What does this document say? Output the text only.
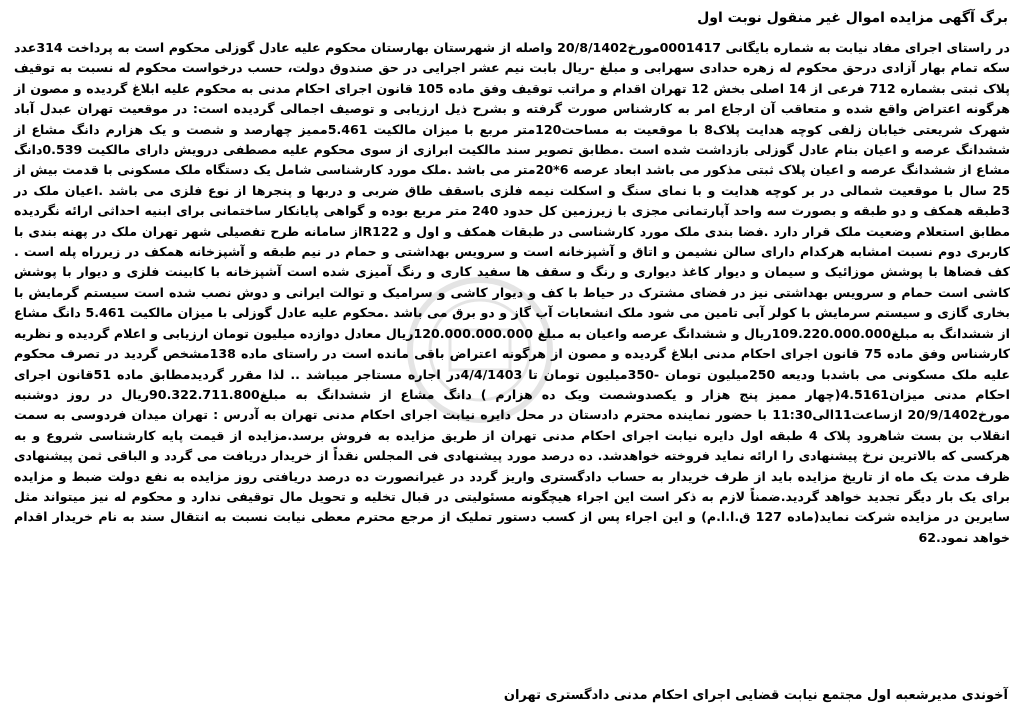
برگ آگهی مزایده اموال غیر منقول نوبت اول

در راستای اجرای مفاد نیابت به شماره بایگانی 0001417مورخ20/8/1402 واصله از شهرستان بهارستان محکوم علیه عادل گوزلی محکوم است به پرداخت 314عدد سکه تمام بهار آزادی درحق محکوم له زهره حدادی سهرابی و مبلغ -ریال بابت نیم عشر اجرایی در حق صندوق دولت، حسب درخواست محکوم له نسبت به توقیف پلاک ثبتی بشماره 712 فرعی از 14 اصلی بخش 12 تهران اقدام و مراتب توقیف وفق ماده 105 قانون اجرای احکام مدنی به محکوم علیه ابلاغ گردیده و مصون از هرگونه اعتراض واقع شده و متعاقب آن ارجاع امر به کارشناس صورت گرفته و بشرح ذیل ارزیابی و توصیف اجمالی گردیده است: در موقعیت تهران عبدل آباد شهرک شریعتی خیابان زلفی کوچه هدایت پلاک8 با موقعیت به مساحت120متر مربع با میزان مالکیت 5.461ممیز چهارصد و شصت و یک هزارم دانگ مشاع از ششدانگ عرصه و اعیان بنام عادل گوزلی بازداشت شده است .مطابق تصویر سند مالکیت ابرازی از سوی محکوم علیه مصطفی درویش دارای مالکیت 0.539دانگ مشاع از ششدانگ عرصه و اعیان پلاک ثبتی مذکور می باشد ابعاد عرصه 6*20متر می باشد .ملک مورد کارشناسی شامل یک دستگاه ملک مسکونی با قدمت بیش از 25 سال با موقعیت شمالی در بر کوچه هدایت و با نمای سنگ و اسکلت نیمه فلزی باسقف طاق ضربی و دربها و پنجرها از نوع فلزی می باشد .اعیان ملک در 3طبقه همکف و دو طبقه و بصورت سه واحد آپارتمانی مجزی با زیرزمین کل حدود 240 متر مربع بوده و گواهی پایانکار ساختمانی برای ابنیه احداثی ارائه نگردیده مطابق استعلام وضعیت ملک قرار دارد .فضا بندی ملک مورد کارشناسی در طبقات همکف و اول و R122از سامانه طرح تفصیلی شهر تهران ملک در پهنه بندی با کاربری دوم نسبت امشابه هرکدام دارای سالن نشیمن و اتاق و آشپزخانه است و سرویس بهداشتی و حمام در نیم طبقه و آشپزخانه همکف در زیرراه پله است . کف فضاها با پوشش موزائیک و سیمان و دیوار کاغذ دیواری و رنگ و سقف ها سفید کاری و رنگ آمیزی شده است آشپزخانه با کابینت فلزی و دیوار با پوشش کاشی است حمام و سرویس بهداشتی نیز در فضای مشترک در حیاط با کف و دیوار کاشی و سرامیک و توالت ایرانی و دوش نصب شده است سیستم گرمایش با بخاری گازی و سیستم سرمایش با کولر آبی تامین می شود ملک انشعابات آب گاز و دو برق می باشد .محکوم علیه عادل گوزلی با میزان مالکیت 5.461 دانگ مشاع از ششدانگ به مبلغ109.220.000.000ریال و ششدانگ عرصه واعیان به مبلغ 120.000.000.000ریال معادل دوازده میلیون تومان ارزیابی و اعلام گردیده و نظریه کارشناس وفق ماده 75 قانون اجرای احکام مدنی ابلاغ گردیده و مصون از هرگونه اعتراض باقی مانده است در راستای ماده 138مشخص گردید در تصرف محکوم علیه ملک مسکونی می باشدبا ودیعه 250میلیون تومان -350میلیون تومان تا 4/4/1403در اجاره مستاجر میباشد .. لذا مقرر گردیدمطابق ماده 51قانون اجرای احکام مدنی میزان4.5161(چهار ممیز پنج هزار و یکصدوشصت ویک ده هزارم ) دانگ مشاع از ششدانگ به مبلغ90.322.711.800ریال در روز دوشنبه مورخ20/9/1402 ازساعت11الی11:30 با حضور نماینده محترم دادستان در محل دایره نیابت اجرای احکام مدنی تهران به آدرس : تهران میدان فردوسی به سمت انقلاب بن بست شاهرود پلاک 4 طبقه اول دایره نیابت اجرای احکام مدنی تهران از طریق مزایده به فروش برسد.مزایده از قیمت پایه کارشناسی شروع و به هرکسی که بالاترین نرخ پیشنهادی را ارائه نماید فروخته خواهدشد. ده درصد مورد پیشنهادی فی المجلس نقداً از خریدار دریافت می گردد و الباقی ثمن پیشنهادی ظرف مدت یک ماه از تاریخ مزایده باید از طرف خریدار به حساب دادگستری واریز گردد در غیرانصورت ده درصد دریافتی روز مزایده به نفع دولت ضبط و مزایده برای یک بار دیگر تجدید خواهد گردید.ضمناً لازم به ذکر است این اجراء هیچگونه مسئولیتی در قبال تخلیه و تحویل مال توقیفی ندارد و محکوم له نیز میتواند مثل سایرین در مزایده شرکت نماید(ماده 127 ق.ا.ا.م) و این اجراء پس از کسب دستور تملیک از مرجع محترم معطی نیابت نسبت به انتقال سند به نام خریدار اقدام خواهد نمود.62

آخوندی مدیرشعبه اول مجتمع نیابت قضایی اجرای احکام مدنی دادگستری تهران
